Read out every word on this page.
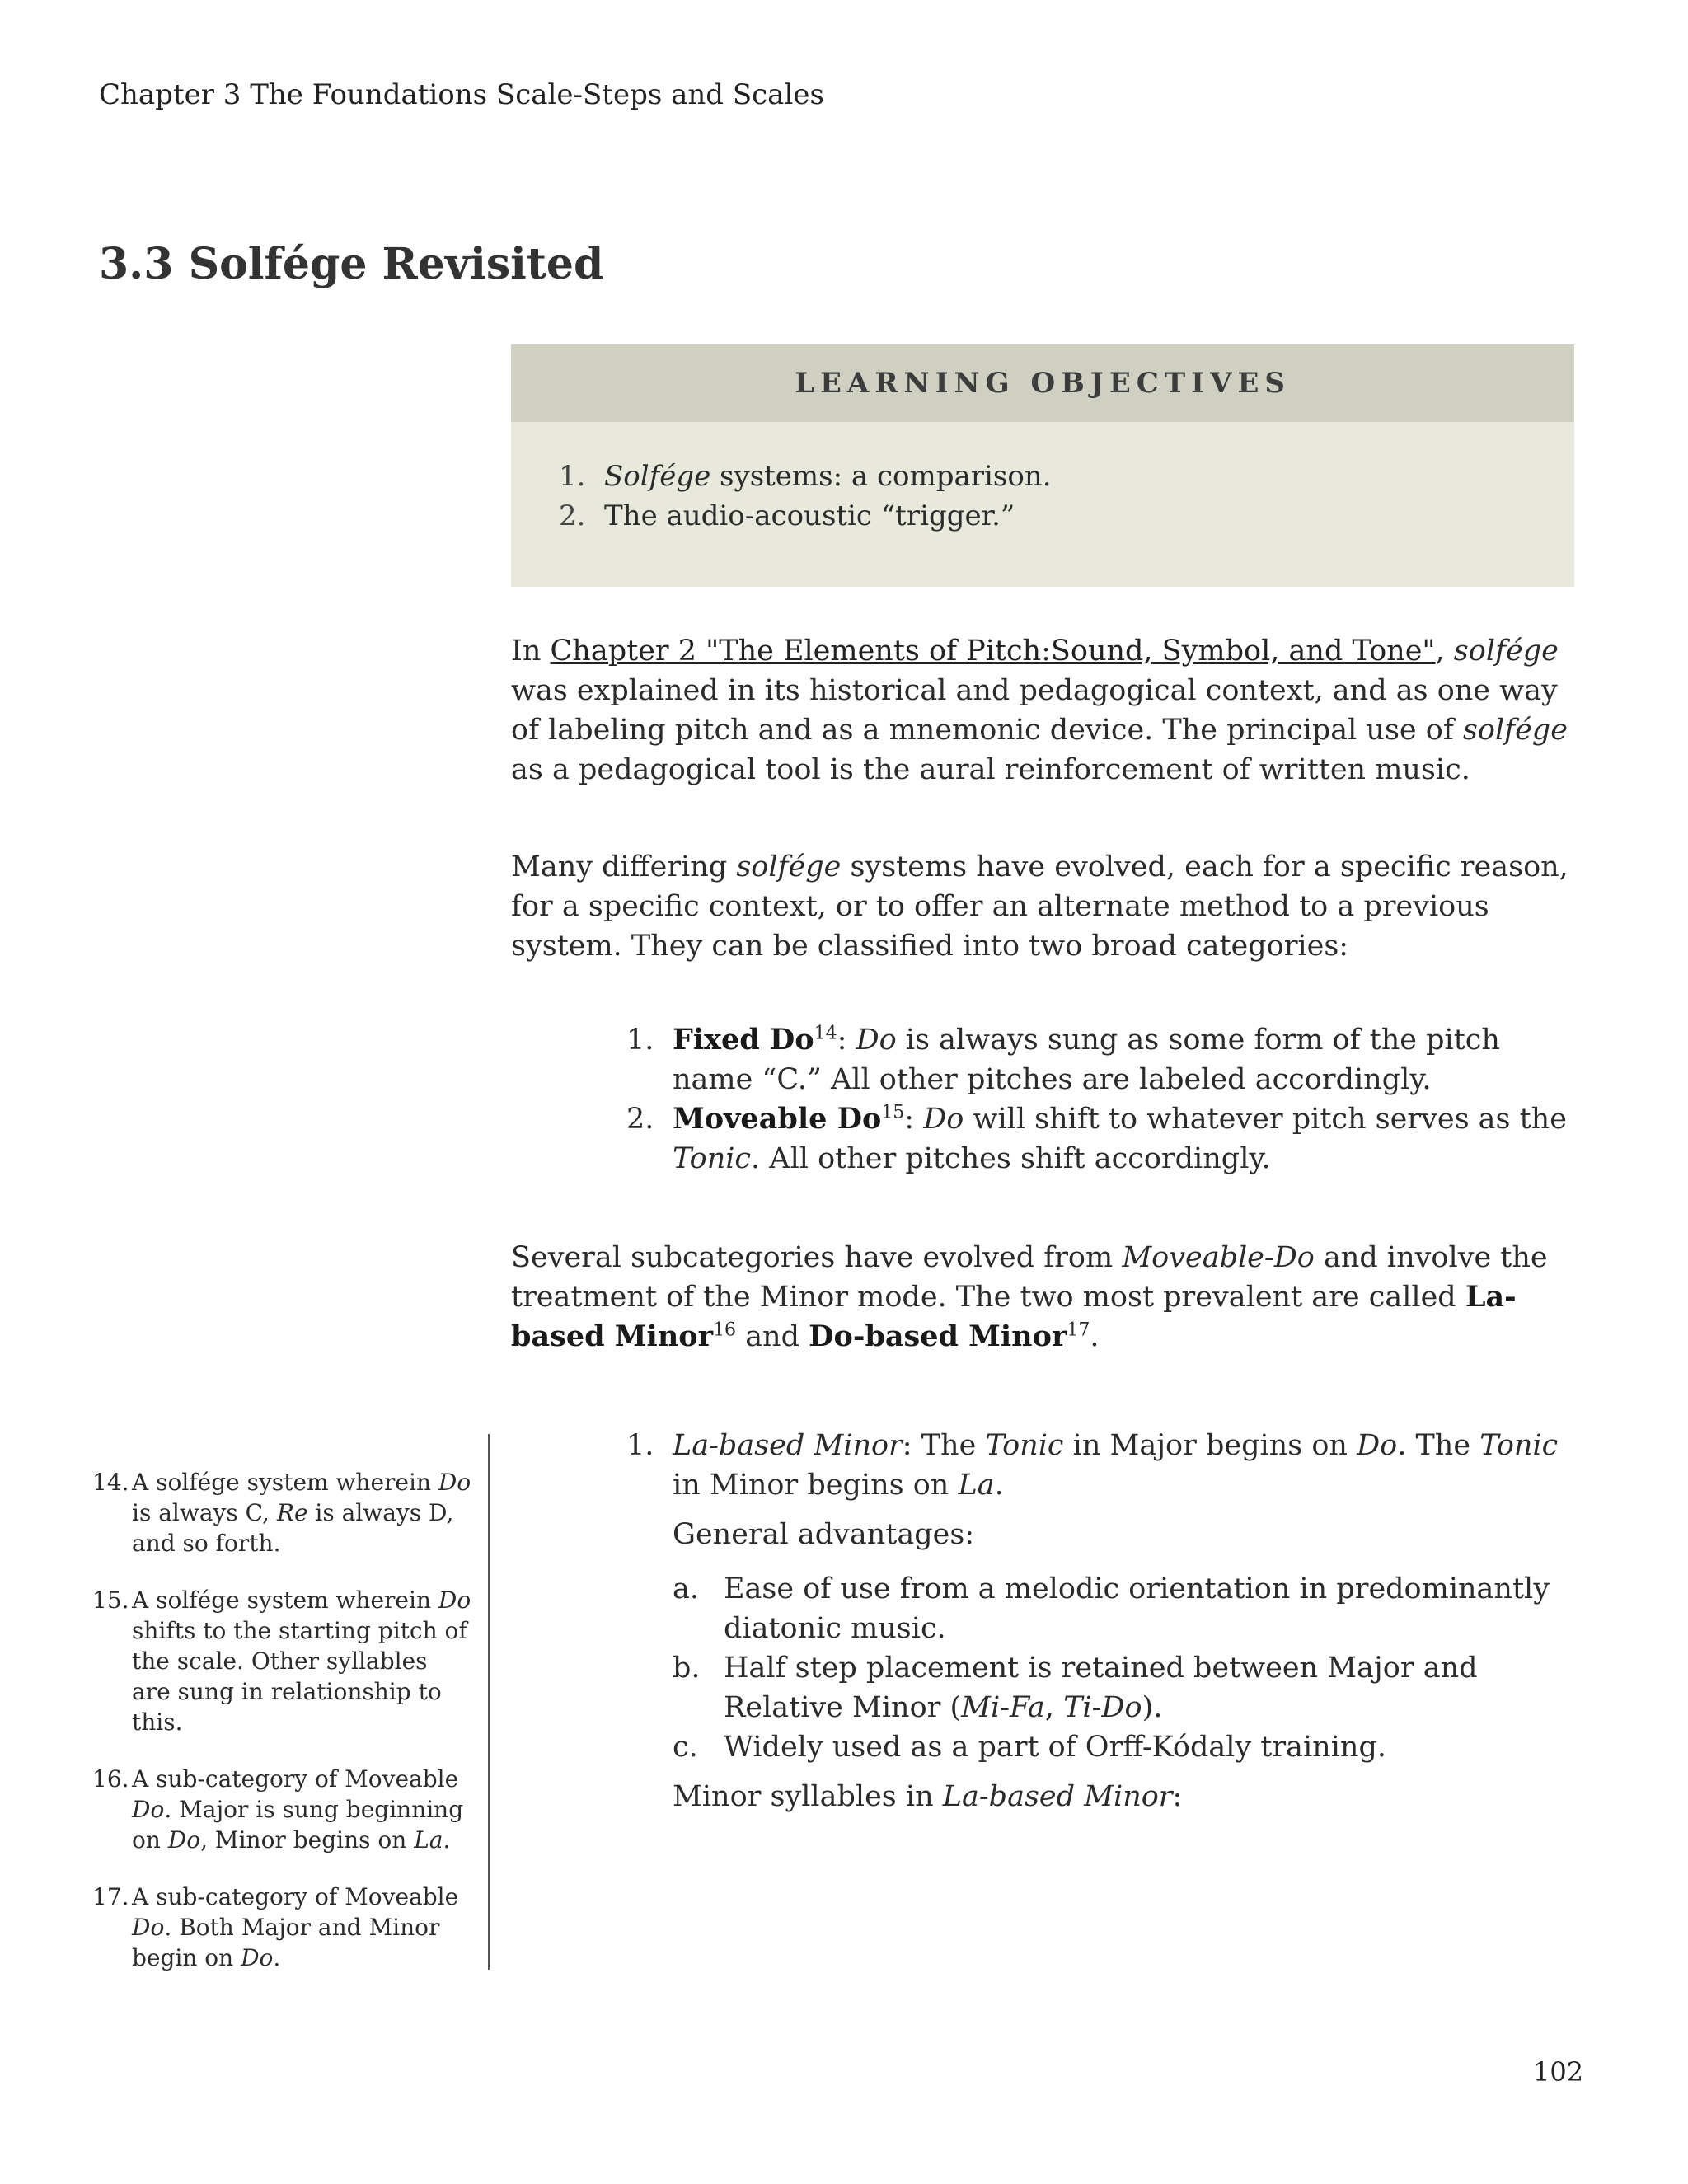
Chapter 3 The Foundations Scale-Steps and Scales
3.3 Solfége Revisited
LEARNING OBJECTIVES
1. Solfége systems: a comparison.
2. The audio-acoustic “trigger.”

In Chapter 2 "The Elements of Pitch:Sound, Symbol, and Tone", solfége was explained in its historical and pedagogical context, and as one way of labeling pitch and as a mnemonic device. The principal use of solfége as a pedagogical tool is the aural reinforcement of written music.

Many differing solfége systems have evolved, each for a specific reason, for a specific context, or to offer an alternate method to a previous system. They can be classified into two broad categories:

1. Fixed Do$^{14}$: Do is always sung as some form of the pitch name “C.” All other pitches are labeled accordingly.
2. Moveable Do$^{15}$: Do will shift to whatever pitch serves as the Tonic. All other pitches shift accordingly.

Several subcategories have evolved from Moveable-Do and involve the treatment of the Minor mode. The two most prevalent are called La-based Minor$^{16}$ and Do-based Minor$^{17}$.

1. La-based Minor: The Tonic in Major begins on Do. The Tonic in Minor begins on La.

General advantages:

a. Ease of use from a melodic orientation in predominantly diatonic music.
b. Half step placement is retained between Major and Relative Minor (Mi-Fa, Ti-Do).
c. Widely used as a part of Orff-Kódaly training.

Minor syllables in La-based Minor:

14. A solfége system wherein Do is always C, Re is always D, and so forth.
15. A solfége system wherein Do shifts to the starting pitch of the scale. Other syllables are sung in relationship to this.
16. A sub-category of Moveable Do. Major is sung beginning on Do, Minor begins on La.
17. A sub-category of Moveable Do. Both Major and Minor begin on Do.
102
